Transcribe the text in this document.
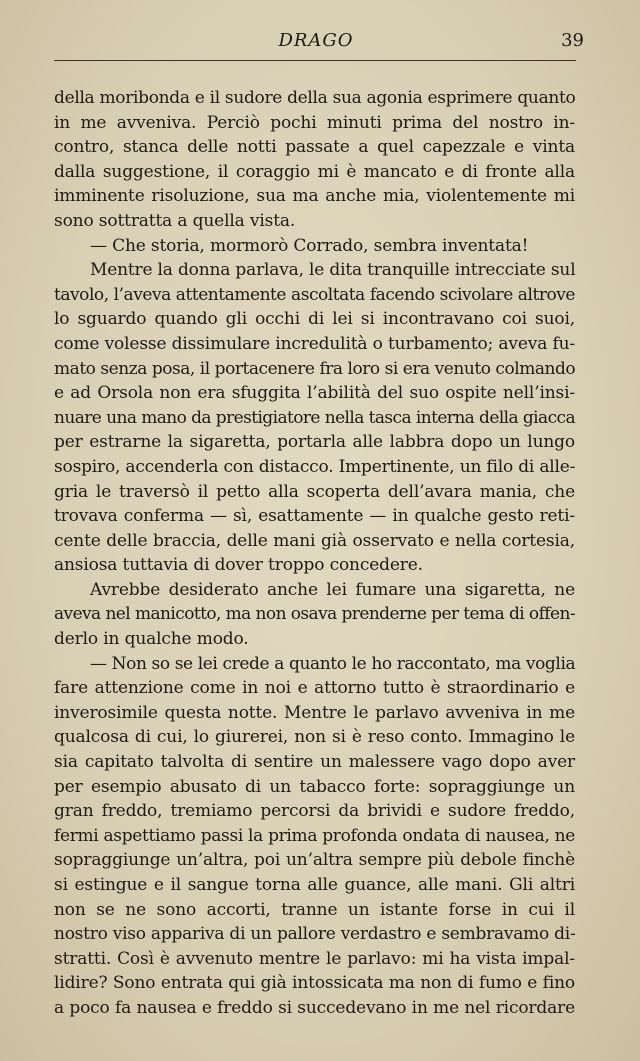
DRAGO	39
della moribonda e il sudore della sua agonia esprimere quanto
in me avveniva. Perciò pochi minuti prima del nostro in-
contro, stanca delle notti passate a quel capezzale e vinta
dalla suggestione, il coraggio mi è mancato e di fronte alla
imminente risoluzione, sua ma anche mia, violentemente mi
sono sottratta a quella vista.
— Che storia, mormorò Corrado, sembra inventata!
Mentre la donna parlava, le dita tranquille intrecciate sul
tavolo, l’aveva attentamente ascoltata facendo scivolare altrove
lo sguardo quando gli occhi di lei si incontravano coi suoi,
come volesse dissimulare incredulità o turbamento; aveva fu-
mato senza posa, il portacenere fra loro si era venuto colmando
e ad Orsola non era sfuggita l’abilità del suo ospite nell’insi-
nuare una mano da prestigiatore nella tasca interna della giacca
per estrarne la sigaretta, portarla alle labbra dopo un lungo
sospiro, accenderla con distacco. Impertinente, un filo di alle-
gria le traversò il petto alla scoperta dell’avara mania, che
trovava conferma — sì, esattamente — in qualche gesto reti-
cente delle braccia, delle mani già osservato e nella cortesia,
ansiosa tuttavia di dover troppo concedere.
Avrebbe desiderato anche lei fumare una sigaretta, ne
aveva nel manicotto, ma non osava prenderne per tema di offen-
derlo in qualche modo.
— Non so se lei crede a quanto le ho raccontato, ma voglia
fare attenzione come in noi e attorno tutto è straordinario e
inverosimile questa notte. Mentre le parlavo avveniva in me
qualcosa di cui, lo giurerei, non si è reso conto. Immagino le
sia capitato talvolta di sentire un malessere vago dopo aver
per esempio abusato di un tabacco forte: sopraggiunge un
gran freddo, tremiamo percorsi da brividi e sudore freddo,
fermi aspettiamo passi la prima profonda ondata di nausea, ne
sopraggiunge un’altra, poi un’altra sempre più debole finchè
si estingue e il sangue torna alle guance, alle mani. Gli altri
non se ne sono accorti, tranne un istante forse in cui il
nostro viso appariva di un pallore verdastro e sembravamo di-
stratti. Così è avvenuto mentre le parlavo: mi ha vista impal-
lidire? Sono entrata qui già intossicata ma non di fumo e fino
a poco fa nausea e freddo si succedevano in me nel ricordare
